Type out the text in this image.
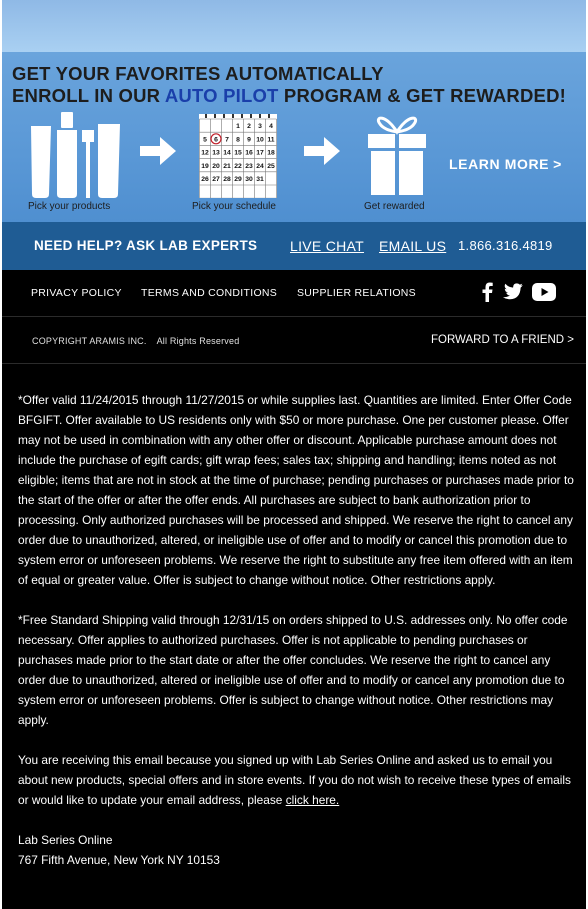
GET YOUR FAVORITES AUTOMATICALLY
ENROLL IN OUR AUTO PILOT PROGRAM & GET REWARDED!
Pick your products
1 2 3 4
5 6 7 8 9 10 11
12 13 14 15 16 17 18
19 20 21 22 23 24 25
26 27 28 29 30 31
Pick your schedule	Get rewarded
LEARN MORE >
NEED HELP? ASK LAB EXPERTS LIVE CHAT EMAIL US 1.866.316.4819
PRIVACY POLICY TERMS AND CONDITIONS SUPPLIER RELATIONS
COPYRIGHT ARAMIS INC. All Rights Reserved	FORWARD TO A FRIEND >

*Offer valid 11/24/2015 through 11/27/2015 or while supplies last. Quantities are limited. Enter Offer Code BFGIFT. Offer available to US residents only with $50 or more purchase. One per customer please. Offer may not be used in combination with any other offer or discount. Applicable purchase amount does not include the purchase of egift cards; gift wrap fees; sales tax; shipping and handling; items noted as not eligible; items that are not in stock at the time of purchase; pending purchases or purchases made prior to the start of the offer or after the offer ends. All purchases are subject to bank authorization prior to processing. Only authorized purchases will be processed and shipped. We reserve the right to cancel any order due to unauthorized, altered, or ineligible use of offer and to modify or cancel this promotion due to system error or unforeseen problems. We reserve the right to substitute any free item offered with an item of equal or greater value. Offer is subject to change without notice. Other restrictions apply.

*Free Standard Shipping valid through 12/31/15 on orders shipped to U.S. addresses only. No offer code necessary. Offer applies to authorized purchases. Offer is not applicable to pending purchases or purchases made prior to the start date or after the offer concludes. We reserve the right to cancel any order due to unauthorized, altered or ineligible use of offer and to modify or cancel any promotion due to system error or unforeseen problems. Offer is subject to change without notice. Other restrictions may apply.

You are receiving this email because you signed up with Lab Series Online and asked us to email you about new products, special offers and in store events. If you do not wish to receive these types of emails or would like to update your email address, please click here.

Lab Series Online
767 Fifth Avenue, New York NY 10153
